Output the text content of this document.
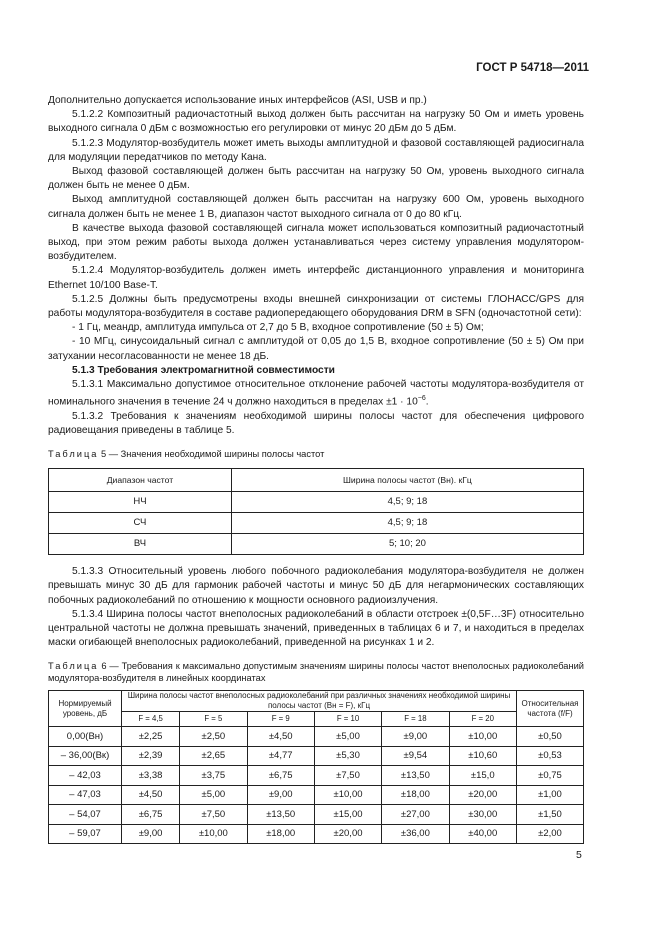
ГОСТ Р 54718—2011

Дополнительно допускается использование иных интерфейсов (ASI, USB и пр.)

5.1.2.2 Композитный радиочастотный выход должен быть рассчитан на нагрузку 50 Ом и иметь уровень выходного сигнала 0 дБм с возможностью его регулировки от минус 20 дБм до 5 дБм.

5.1.2.3 Модулятор-возбудитель может иметь выходы амплитудной и фазовой составляющей радиосигнала для модуляции передатчиков по методу Кана.

Выход фазовой составляющей должен быть рассчитан на нагрузку 50 Ом, уровень выходного сигнала должен быть не менее 0 дБм.

Выход амплитудной составляющей должен быть рассчитан на нагрузку 600 Ом, уровень выходного сигнала должен быть не менее 1 В, диапазон частот выходного сигнала от 0 до 80 кГц.

В качестве выхода фазовой составляющей сигнала может использоваться композитный радиочастотный выход, при этом режим работы выхода должен устанавливаться через систему управления модулятором-возбудителем.

5.1.2.4 Модулятор-возбудитель должен иметь интерфейс дистанционного управления и мониторинга Ethernet 10/100 Base-T.

5.1.2.5 Должны быть предусмотрены входы внешней синхронизации от системы ГЛОНАСС/GPS для работы модулятора-возбудителя в составе радиопередающего оборудования DRM в SFN (одночастотной сети):

- 1 Гц, меандр, амплитуда импульса от 2,7 до 5 В, входное сопротивление (50 ± 5) Ом;

- 10 МГц, синусоидальный сигнал с амплитудой от 0,05 до 1,5 В, входное сопротивление (50 ± 5) Ом при затухании несогласованности не менее 18 дБ.

5.1.3 Требования электромагнитной совместимости

5.1.3.1 Максимально допустимое относительное отклонение рабочей частоты модулятора-возбудителя от номинального значения в течение 24 ч должно находиться в пределах $\pm 1 \cdot 10^{-6}$.

5.1.3.2 Требования к значениям необходимой ширины полосы частот для обеспечения цифрового радиовещания приведены в таблице 5.

Таблица 5 — Значения необходимой ширины полосы частот

Диапазон частот	Ширина полосы частот (Вн). кГц
НЧ	4,5; 9; 18
СЧ	4,5; 9; 18
ВЧ	5; 10; 20

5.1.3.3 Относительный уровень любого побочного радиоколебания модулятора-возбудителя не должен превышать минус 30 дБ для гармоник рабочей частоты и минус 50 дБ для негармонических составляющих побочных радиоколебаний по отношению к мощности основного радиоизлучения.

5.1.3.4 Ширина полосы частот внеполосных радиоколебаний в области отстроек ±(0,5F…3F) относительно центральной частоты не должна превышать значений, приведенных в таблицах 6 и 7, и находиться в пределах маски огибающей внеполосных радиоколебаний, приведенной на рисунках 1 и 2.

Таблица 6 — Требования к максимально допустимым значениям ширины полосы частот внеполосных радиоколебаний модулятора-возбудителя в линейных координатах

Нормируемый уровень, дБ	Ширина полосы частот внеполосных радиоколебаний при различных значениях необходимой ширины полосы частот (Вн = F), кГц						Относительная частота (f/F)
	F = 4,5	F = 5	F = 9	F = 10	F = 18	F = 20	
0,00(Вн)	±2,25	±2,50	±4,50	±5,00	±9,00	±10,00	±0,50
– 36,00(Вк)	±2,39	±2,65	±4,77	±5,30	±9,54	±10,60	±0,53
– 42,03	±3,38	±3,75	±6,75	±7,50	±13,50	±15,0	±0,75
– 47,03	±4,50	±5,00	±9,00	±10,00	±18,00	±20,00	±1,00
– 54,07	±6,75	±7,50	±13,50	±15,00	±27,00	±30,00	±1,50
– 59,07	±9,00	±10,00	±18,00	±20,00	±36,00	±40,00	±2,00
5
